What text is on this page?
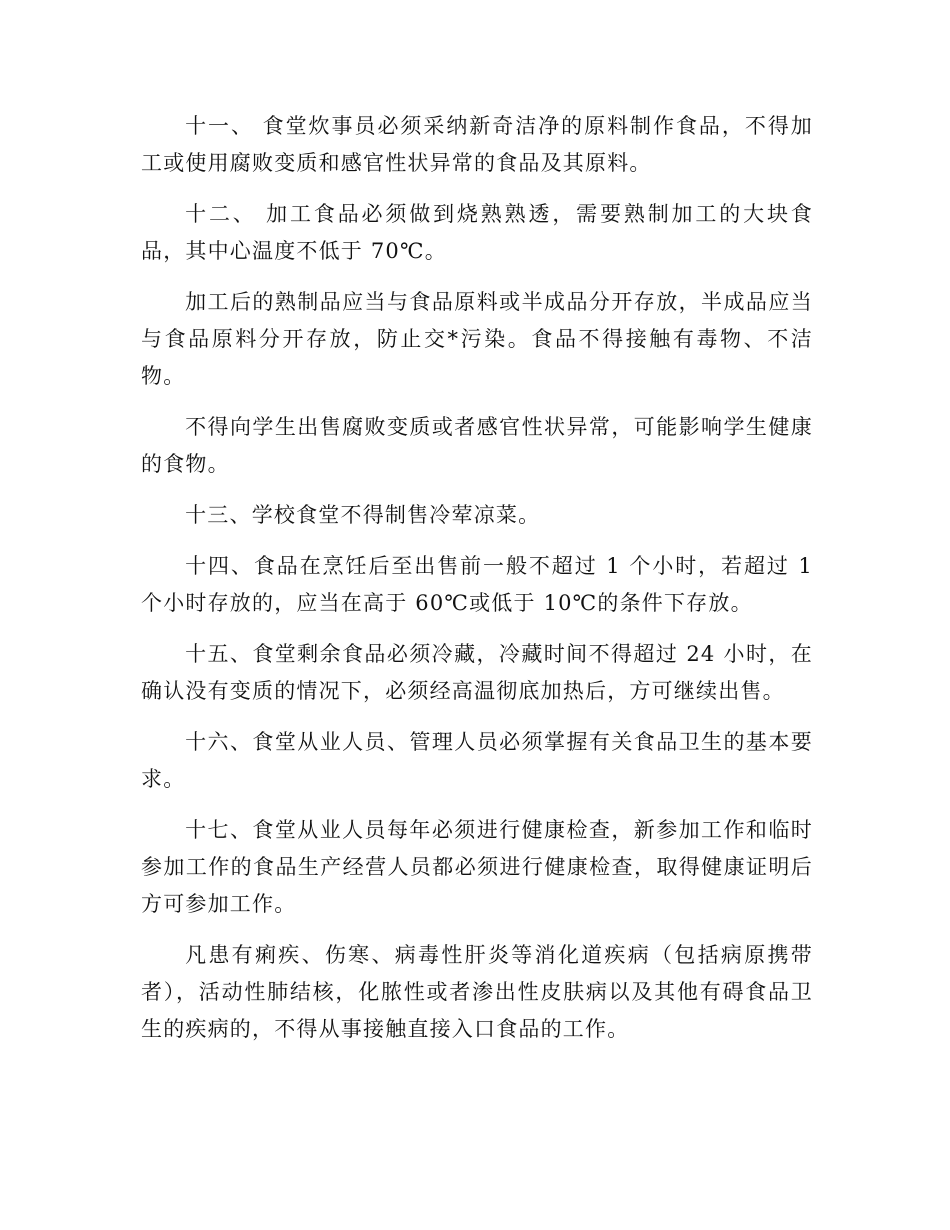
十一、 食堂炊事员必须采纳新奇洁净的原料制作食品，不得加工或使用腐败变质和感官性状异常的食品及其原料。

十二、 加工食品必须做到烧熟熟透，需要熟制加工的大块食品，其中心温度不低于 70℃。

加工后的熟制品应当与食品原料或半成品分开存放，半成品应当与食品原料分开存放，防止交*污染。食品不得接触有毒物、不洁物。

不得向学生出售腐败变质或者感官性状异常，可能影响学生健康的食物。

十三、学校食堂不得制售冷荤凉菜。

十四、食品在烹饪后至出售前一般不超过 1 个小时，若超过 1 个小时存放的，应当在高于 60℃或低于 10℃的条件下存放。

十五、食堂剩余食品必须冷藏，冷藏时间不得超过 24 小时，在确认没有变质的情况下，必须经高温彻底加热后，方可继续出售。

十六、食堂从业人员、管理人员必须掌握有关食品卫生的基本要求。

十七、食堂从业人员每年必须进行健康检查，新参加工作和临时参加工作的食品生产经营人员都必须进行健康检查，取得健康证明后方可参加工作。

凡患有痢疾、伤寒、病毒性肝炎等消化道疾病（包括病原携带者），活动性肺结核，化脓性或者渗出性皮肤病以及其他有碍食品卫生的疾病的，不得从事接触直接入口食品的工作。
